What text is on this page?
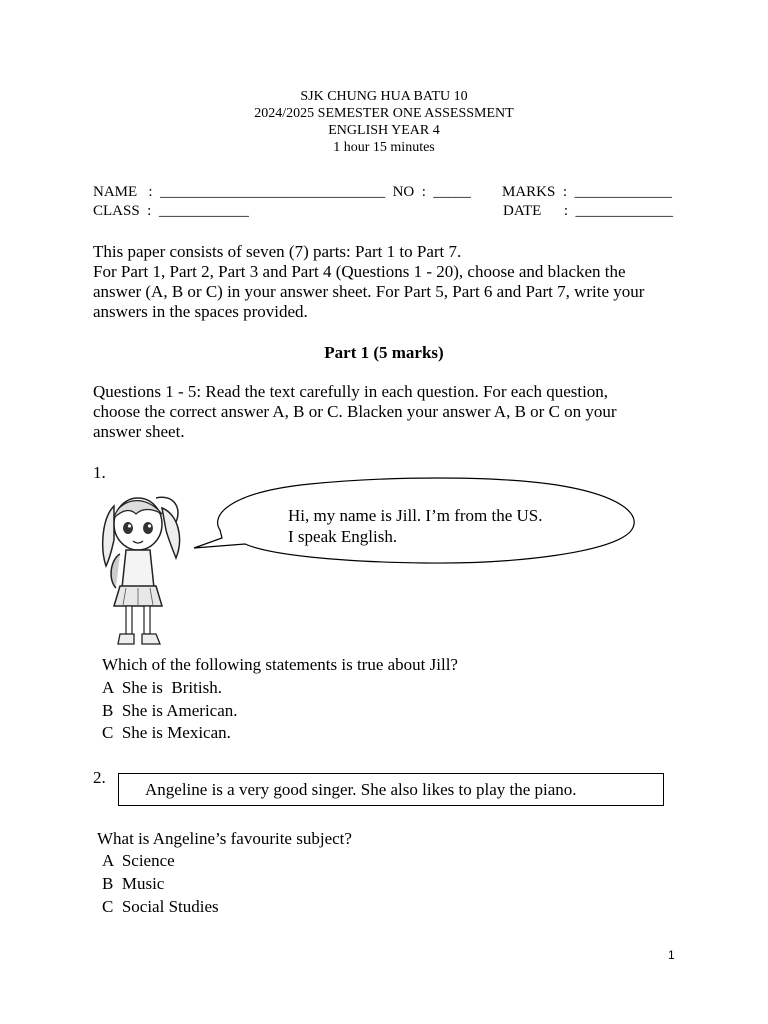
SJK CHUNG HUA BATU 10
2024/2025 SEMESTER ONE ASSESSMENT
ENGLISH YEAR 4
1 hour 15 minutes
NAME   :  ______________________________  NO  :  _____ MARKS  :  _____________
CLASS  :  ____________	DATE      :  _____________
This paper consists of seven (7) parts: Part 1 to Part 7.
For Part 1, Part 2, Part 3 and Part 4 (Questions 1 - 20), choose and blacken the answer (A, B or C) in your answer sheet. For Part 5, Part 6 and Part 7, write your answers in the spaces provided.
Part 1 (5 marks)
Questions 1 - 5: Read the text carefully in each question. For each question, choose the correct answer A, B or C. Blacken your answer A, B or C on your answer sheet.
1.
Hi, my name is Jill. I’m from the US.
I speak English.
Which of the following statements is true about Jill?
A  She is  British.
B  She is American.
C  She is Mexican.
2.
Angeline is a very good singer. She also likes to play the piano.
What is Angeline’s favourite subject?
A  Science
B  Music
C  Social Studies
1
